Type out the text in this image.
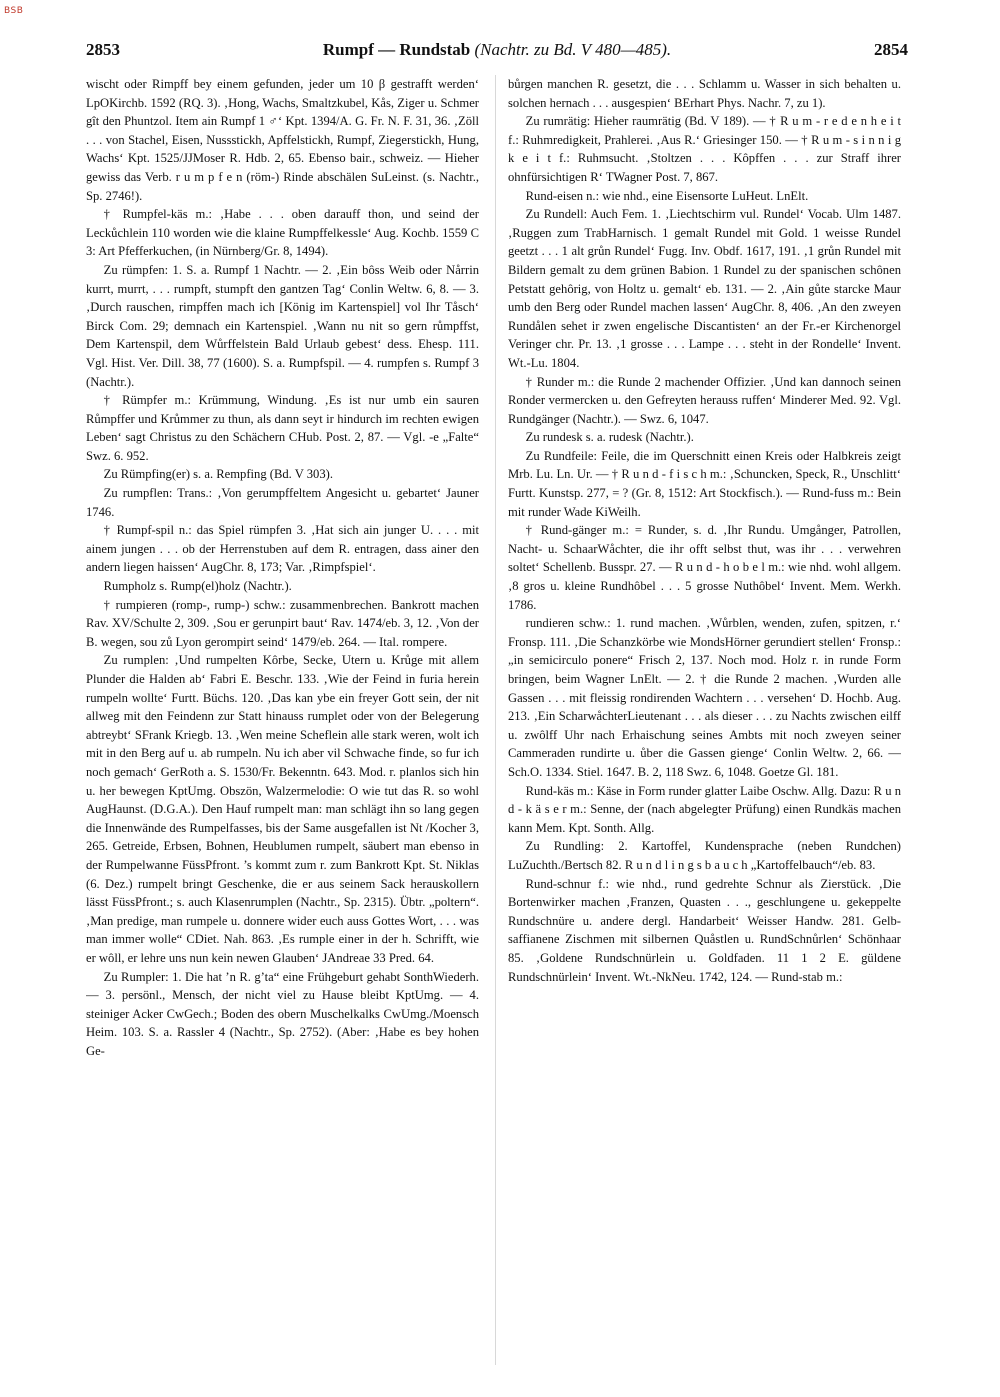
BSB
2853	Rumpf — Rundstab (Nachtr. zu Bd. V 480—485).	2854

wischt oder Rimpff bey einem gefunden, jeder um 10 β gestrafft werden‘ LpOKirchb. 1592 (RQ. 3). ‚Hong, Wachs, Smaltzkubel, Kås, Ziger u. Schmer gît den Phuntzol. Item ain Rumpf 1 ♂‘ Kpt. 1394/A. G. Fr. N. F. 31, 36. ‚Zöll . . . von Stachel, Eisen, Nussstickh, Apffelstickh, Rumpf, Ziegerstickh, Hung, Wachs‘ Kpt. 1525/JJMoser R. Hdb. 2, 65. Ebenso bair., schweiz. — Hieher gewiss das Verb. r u m p f e n (röm-) Rinde abschälen SuLeinst. (s. Nachtr., Sp. 2746!).

† Rumpfel-käs m.: ‚Habe . . . oben darauff thon, und seind der Leckůchlein 110 worden wie die klaine Rumpffelkessle‘ Aug. Kochb. 1559 C 3: Art Pfefferkuchen, (in Nürnberg/Gr. 8, 1494).

Zu rümpfen: 1. S. a. Rumpf 1 Nachtr. — 2. ‚Ein bôss Weib oder Nårrin kurrt, murrt, . . . rumpft, stumpft den gantzen Tag‘ Conlin Weltw. 6, 8. — 3. ‚Durch rauschen, rimpffen mach ich [König im Kartenspiel] vol Ihr Tåsch‘ Birck Com. 29; demnach ein Kartenspiel. ‚Wann nu nit so gern růmpffst, Dem Kartenspil, dem Wůrffelstein Bald Urlaub gebest‘ dess. Ehesp. 111. Vgl. Hist. Ver. Dill. 38, 77 (1600). S. a. Rumpfspil. — 4. rumpfen s. Rumpf 3 (Nachtr.).

† Rümpfer m.: Krümmung, Windung. ‚Es ist nur umb ein sauren Růmpffer und Krůmmer zu thun, als dann seyt ir hindurch im rechten ewigen Leben‘ sagt Christus zu den Schächern CHub. Post. 2, 87. — Vgl. -e „Falte“ Swz. 6. 952.

Zu Rümpfing(er) s. a. Rempfing (Bd. V 303).

Zu rumpflen: Trans.: ‚Von gerumpffeltem Angesicht u. gebartet‘ Jauner 1746.

† Rumpf-spil n.: das Spiel rümpfen 3. ‚Hat sich ain junger U. . . . mit ainem jungen . . . ob der Herrenstuben auf dem R. entragen, dass ainer den andern liegen haissen‘ AugChr. 8, 173; Var. ‚Rimpfspiel‘.

Rumpholz s. Rump(el)holz (Nachtr.).

† rumpieren (romp-, rump-) schw.: zusammenbrechen. Bankrott machen Rav. XV/Schulte 2, 309. ‚Sou er gerunpirt baut‘ Rav. 1474/eb. 3, 12. ‚Von der B. wegen, sou zů Lyon gerompirt seind‘ 1479/eb. 264. — Ital. rompere.

Zu rumplen: ‚Und rumpelten Kôrbe, Secke, Utern u. Krůge mit allem Plunder die Halden ab‘ Fabri E. Beschr. 133. ‚Wie der Feind in furia herein rumpeln wollte‘ Furtt. Büchs. 120. ‚Das kan ybe ein freyer Gott sein, der nit allweg mit den Feindenn zur Statt hinauss rumplet oder von der Belegerung abtreybt‘ SFrank Kriegb. 13. ‚Wen meine Scheflein alle stark weren, wolt ich mit in den Berg auf u. ab rumpeln. Nu ich aber vil Schwache finde, so fur ich noch gemach‘ GerRoth a. S. 1530/Fr. Bekenntn. 643. Mod. r. planlos sich hin u. her bewegen KptUmg. Obszön, Walzermelodie: O wie tut das R. so wohl AugHaunst. (D.G.A.). Den Hauf rumpelt man: man schlägt ihn so lang gegen die Innenwände des Rumpelfasses, bis der Same ausgefallen ist Nt /Kocher 3, 265. Getreide, Erbsen, Bohnen, Heublumen rumpelt, säubert man ebenso in der Rumpelwanne FüssPfront. ’s kommt zum r. zum Bankrott Kpt. St. Niklas (6. Dez.) rumpelt bringt Geschenke, die er aus seinem Sack herauskollern lässt FüssPfront.; s. auch Klasenrumplen (Nachtr., Sp. 2315). Übtr. „poltern“. ‚Man predige, man rumpele u. donnere wider euch auss Gottes Wort, . . . was man immer wolle“ CDiet. Nah. 863. ‚Es rumple einer in der h. Schrifft, wie er wôll, er lehre uns nun kein newen Glauben‘ JAndreae 33 Pred. 64.

Zu Rumpler: 1. Die hat ’n R. g’ta“ eine Frühgeburt gehabt SonthWiederh. — 3. persönl., Mensch, der nicht viel zu Hause bleibt KptUmg. — 4. steiniger Acker CwGech.; Boden des obern Muschelkalks CwUmg./Moensch Heim. 103. S. a. Rassler 4 (Nachtr., Sp. 2752). (Aber: ‚Habe es bey hohen Ge-

bůrgen manchen R. gesetzt, die . . . Schlamm u. Wasser in sich behalten u. solchen hernach . . . ausgespien‘ BErhart Phys. Nachr. 7, zu 1).

Zu rumrätig: Hieher raumrätig (Bd. V 189). — † R u m - r e d e n h e i t f.: Ruhmredigkeit, Prahlerei. ‚Aus R.‘ Griesinger 150. — † R u m - s i n n i g k e i t f.: Ruhmsucht. ‚Stoltzen . . . Kôpffen . . . zur Straff ihrer ohnfürsichtigen R‘ TWagner Post. 7, 867.

Rund-eisen n.: wie nhd., eine Eisensorte LuHeut. LnElt.

Zu Rundell: Auch Fem. 1. ‚Liechtschirm vul. Rundel‘ Vocab. Ulm 1487. ‚Ruggen zum TrabHarnisch. 1 gemalt Rundel mit Gold. 1 weisse Rundel geetzt . . . 1 alt grůn Rundel‘ Fugg. Inv. Obdf. 1617, 191. ‚1 grůn Rundel mit Bildern gemalt zu dem grünen Babion. 1 Rundel zu der spanischen schônen Petstatt gehôrig, von Holtz u. gemalt‘ eb. 131. — 2. ‚Ain gůte starcke Maur umb den Berg oder Rundel machen lassen‘ AugChr. 8, 406. ‚An den zweyen Rundålen sehet ir zwen engelische Discantisten‘ an der Fr.-er Kirchenorgel Veringer chr. Pr. 13. ‚1 grosse . . . Lampe . . . steht in der Rondelle‘ Invent. Wt.-Lu. 1804.

† Runder m.: die Runde 2 machender Offizier. ‚Und kan dannoch seinen Ronder vermercken u. den Gefreyten herauss ruffen‘ Minderer Med. 92. Vgl. Rundgänger (Nachtr.). — Swz. 6, 1047.

Zu rundesk s. a. rudesk (Nachtr.).

Zu Rundfeile: Feile, die im Querschnitt einen Kreis oder Halbkreis zeigt Mrb. Lu. Ln. Ur. — † R u n d - f i s c h m.: ‚Schuncken, Speck, R., Unschlitt‘ Furtt. Kunstsp. 277, = ? (Gr. 8, 1512: Art Stockfisch.). — Rund-fuss m.: Bein mit runder Wade KiWeilh.

† Rund-gänger m.: = Runder, s. d. ‚Ihr Rundu. Umgånger, Patrollen, Nacht- u. SchaarWåchter, die ihr offt selbst thut, was ihr . . . verwehren soltet‘ Schellenb. Busspr. 27. — R u n d - h o b e l m.: wie nhd. wohl allgem. ‚8 gros u. kleine Rundhôbel . . . 5 grosse Nuthôbel‘ Invent. Mem. Werkh. 1786.

rundieren schw.: 1. rund machen. ‚Wůrblen, wenden, zufen, spitzen, r.‘ Fronsp. 111. ‚Die Schanzkörbe wie MondsHörner gerundiert stellen‘ Fronsp.: „in semicirculo ponere“ Frisch 2, 137. Noch mod. Holz r. in runde Form bringen, beim Wagner LnElt. — 2. † die Runde 2 machen. ‚Wurden alle Gassen . . . mit fleissig rondirenden Wachtern . . . versehen‘ D. Hochb. Aug. 213. ‚Ein ScharwåchterLieutenant . . . als dieser . . . zu Nachts zwischen eilff u. zwôlff Uhr nach Erhaischung seines Ambts mit noch zweyen seiner Cammeraden rundirte u. ůber die Gassen gienge‘ Conlin Weltw. 2, 66. — Sch.O. 1334. Stiel. 1647. B. 2, 118 Swz. 6, 1048. Goetze Gl. 181.

Rund-käs m.: Käse in Form runder glatter Laibe Oschw. Allg. Dazu: R u n d - k ä s e r m.: Senne, der (nach abgelegter Prüfung) einen Rundkäs machen kann Mem. Kpt. Sonth. Allg.

Zu Rundling: 2. Kartoffel, Kundensprache (neben Rundchen) LuZuchth./Bertsch 82. R u n d l i n g s b a u c h „Kartoffelbauch“/eb. 83.

Rund-schnur f.: wie nhd., rund gedrehte Schnur als Zierstück. ‚Die Bortenwirker machen ‚Franzen, Quasten . . ., geschlungene u. gekeppelte Rundschnüre u. andere dergl. Handarbeit‘ Weisser Handw. 281. Gelb-saffianene Zischmen mit silbernen Quåstlen u. RundSchnůrlen‘ Schönhaar 85. ‚Goldene Rundschnürlein u. Goldfaden. 11 1 2 E. güldene Rundschnürlein‘ Invent. Wt.-NkNeu. 1742, 124. — Rund-stab m.:
